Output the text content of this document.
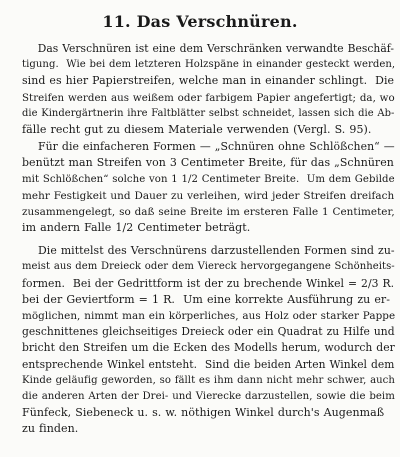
11. Das Verschnüren.
Das Verschnüren ist eine dem Verschränken verwandte Beschäf-
tigung.  Wie bei dem letzteren Holzspäne in einander gesteckt werden,
sind es hier Papierstreifen, welche man in einander schlingt.  Die
Streifen werden aus weißem oder farbigem Papier angefertigt; da, wo
die Kindergärtnerin ihre Faltblätter selbst schneidet, lassen sich die Ab-
fälle recht gut zu diesem Materiale verwenden (Vergl. S. 95).
Für die einfacheren Formen — „Schnüren ohne Schlößchen“ —
benützt man Streifen von 3 Centimeter Breite, für das „Schnüren
mit Schlößchen“ solche von 1 1/2 Centimeter Breite.  Um dem Gebilde
mehr Festigkeit und Dauer zu verleihen, wird jeder Streifen dreifach
zusammengelegt, so daß seine Breite im ersteren Falle 1 Centimeter,
im andern Falle 1/2 Centimeter beträgt.
Die mittelst des Verschnürens darzustellenden Formen sind zu-
meist aus dem Dreieck oder dem Viereck hervorgegangene Schönheits-
formen.  Bei der Gedrittform ist der zu brechende Winkel = 2/3 R.
bei der Geviertform = 1 R.  Um eine korrekte Ausführung zu er-
möglichen, nimmt man ein körperliches, aus Holz oder starker Pappe
geschnittenes gleichseitiges Dreieck oder ein Quadrat zu Hilfe und
bricht den Streifen um die Ecken des Modells herum, wodurch der
entsprechende Winkel entsteht.  Sind die beiden Arten Winkel dem
Kinde geläufig geworden, so fällt es ihm dann nicht mehr schwer, auch
die anderen Arten der Drei- und Vierecke darzustellen, sowie die beim
Fünfeck, Siebeneck u. s. w. nöthigen Winkel durch's Augenmaß
zu finden.
